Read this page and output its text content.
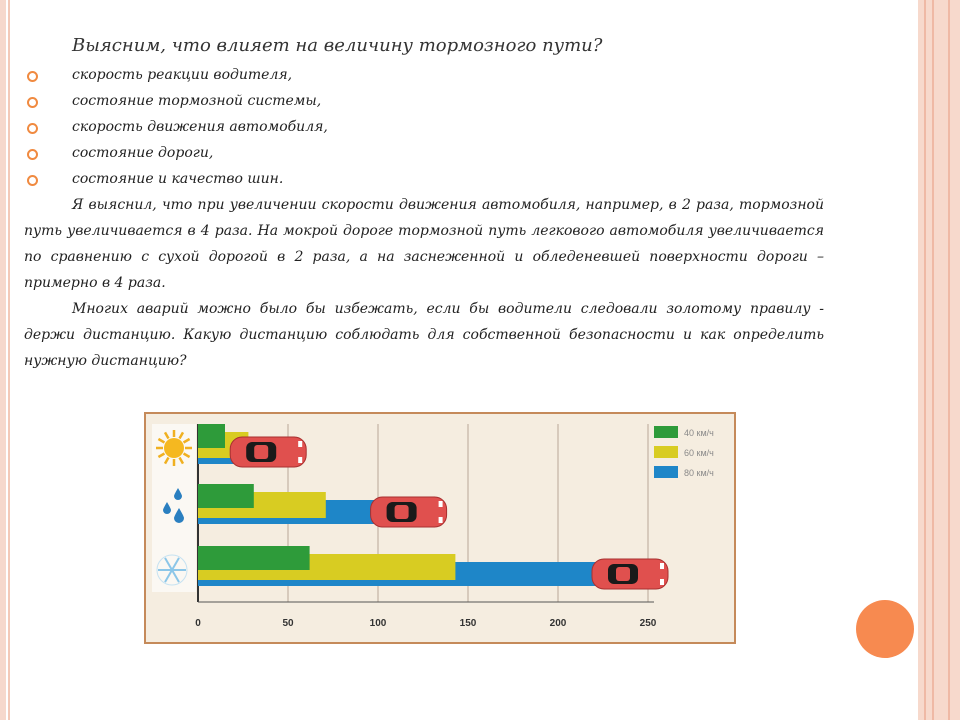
Выясним, что влияет на величину тормозного пути?
скорость реакции водителя,
состояние тормозной системы,
скорость движения автомобиля,
состояние дороги,
состояние и качество шин.

Я выяснил, что при увеличении скорости движения автомобиля, например, в 2 раза, тормозной путь увеличивается в 4 раза. На мокрой дороге тормозной путь легкового автомобиля увеличивается по сравнению с сухой дорогой в 2 раза, а на заснеженной и обледеневшей поверхности дороги – примерно в 4 раза.

Многих аварий можно было бы избежать, если бы водители следовали золотому правилу - держи дистанцию. Какую дистанцию соблюдать для собственной безопасности и как определить нужную дистанцию?

0	50	100	150	200	250
40 км/ч
60 км/ч
80 км/ч
